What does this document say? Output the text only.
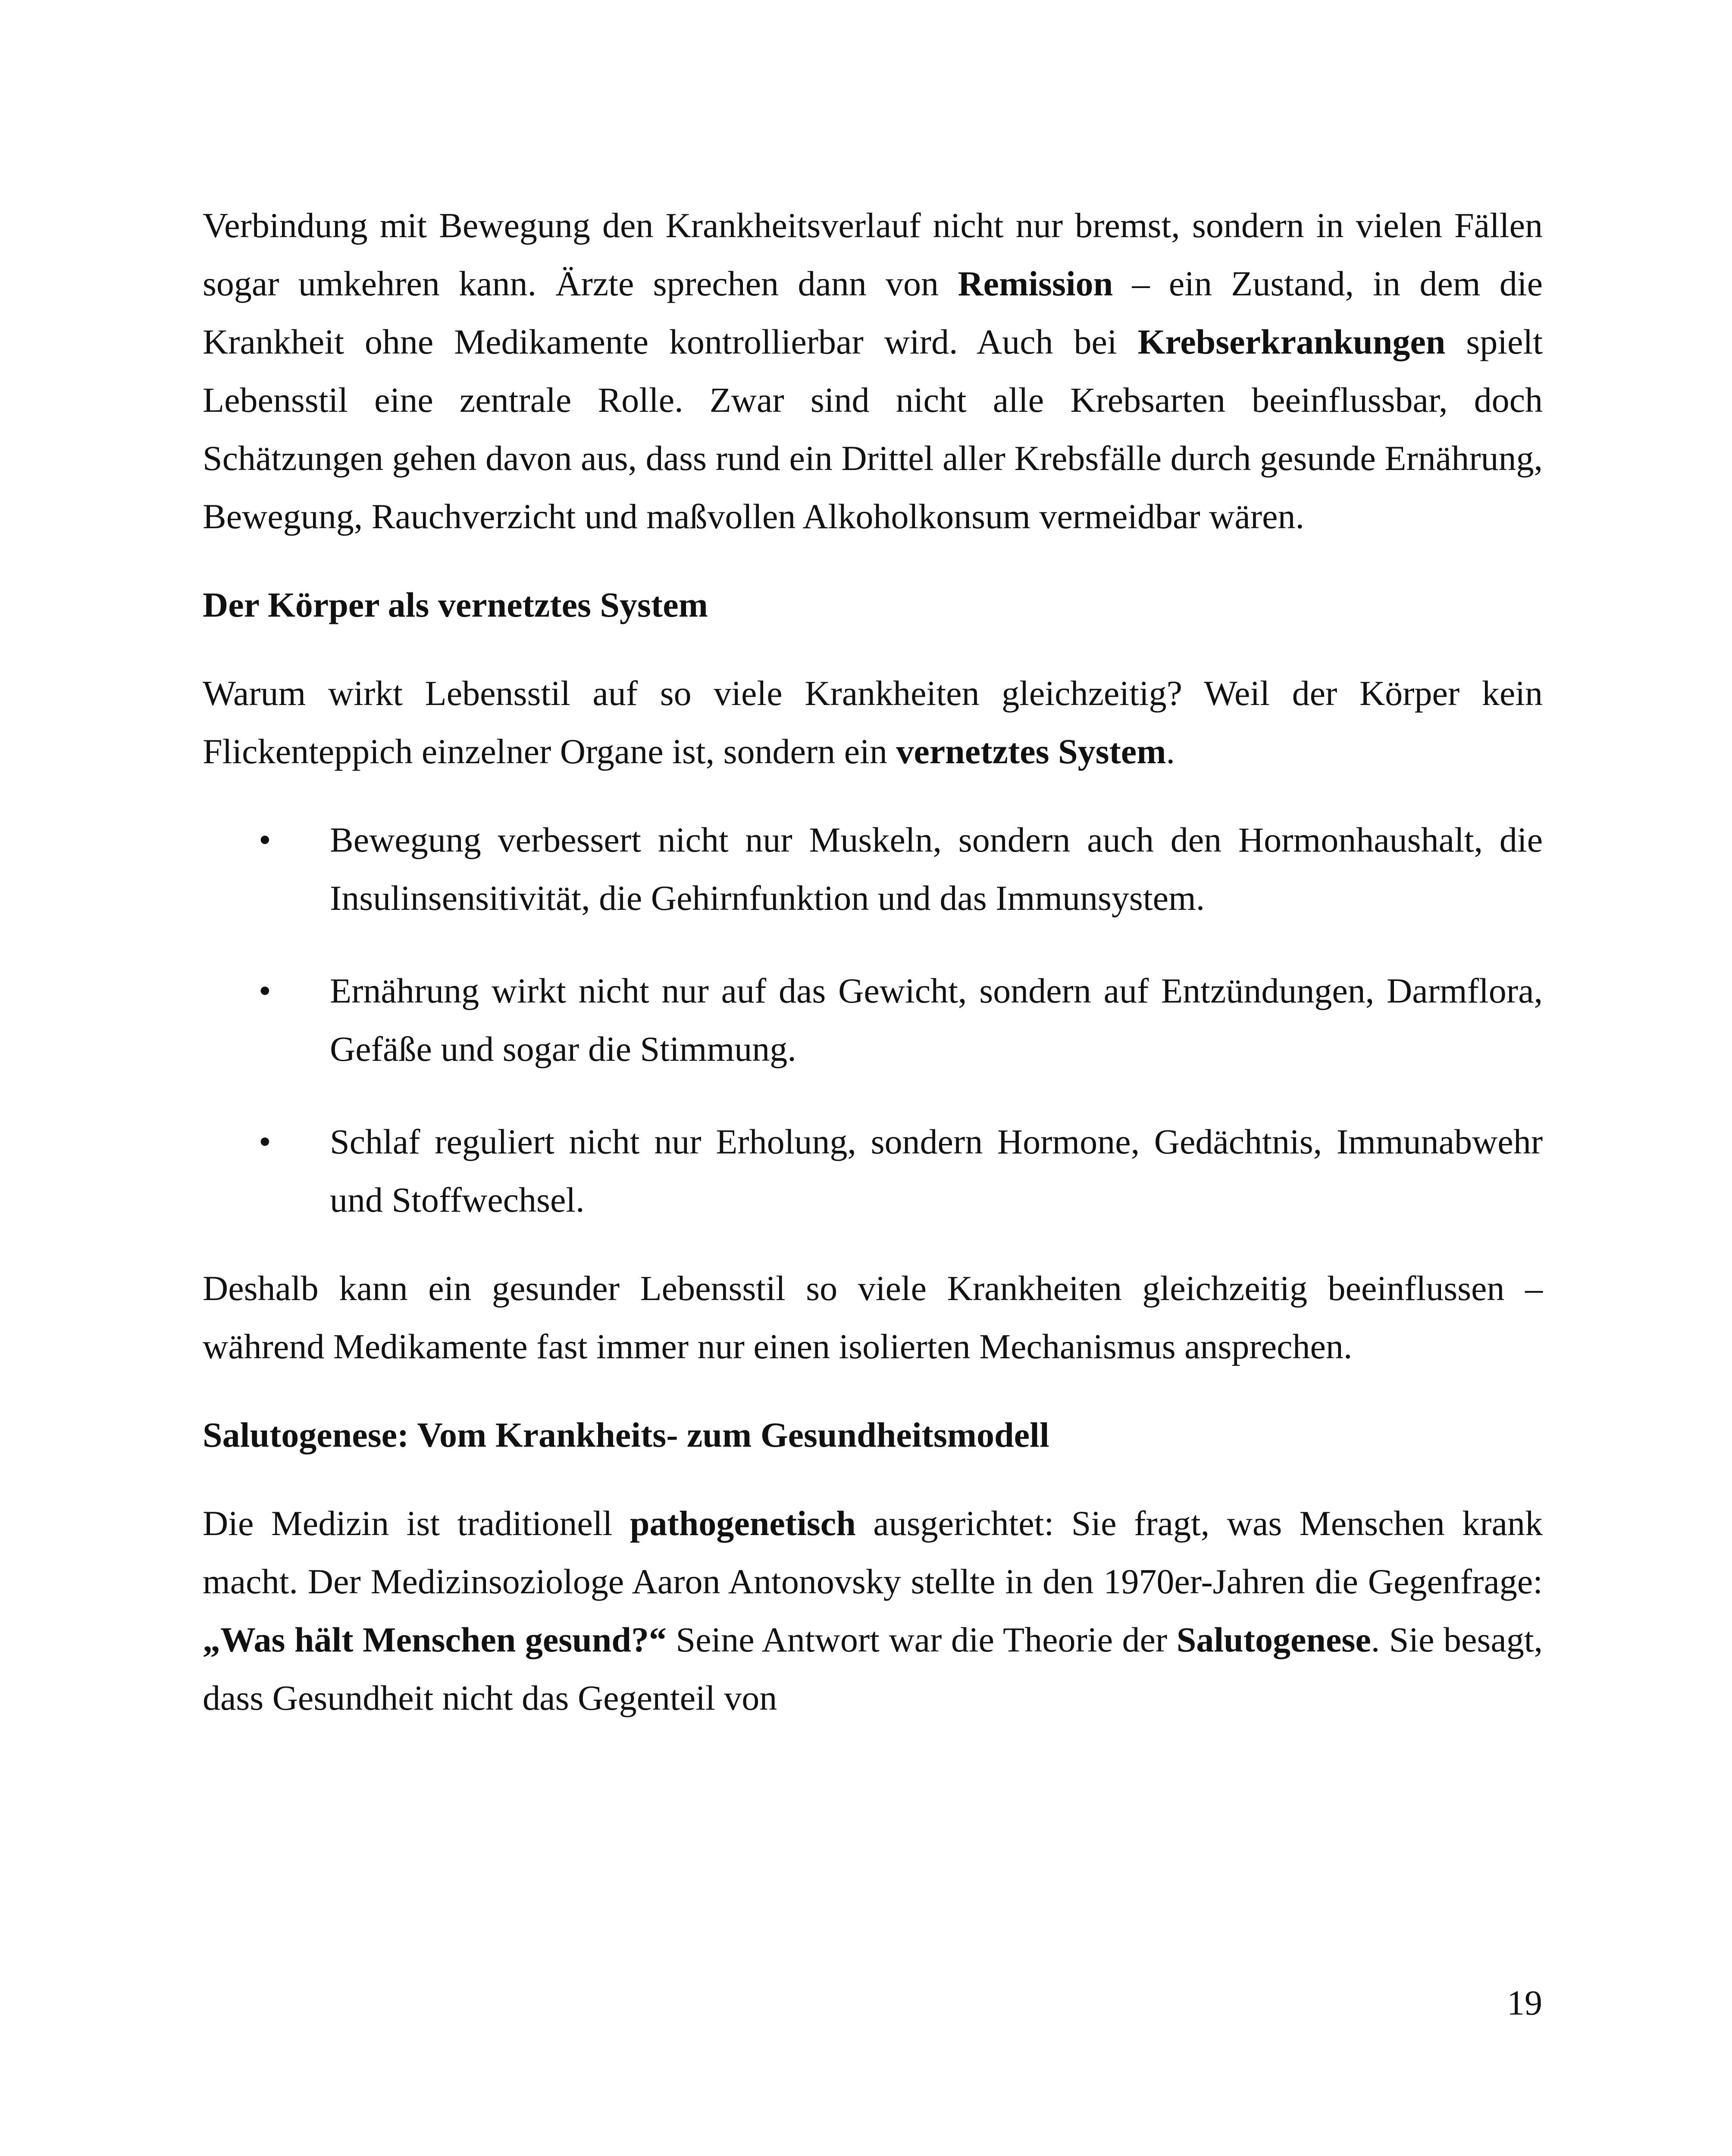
Verbindung mit Bewegung den Krankheitsverlauf nicht nur bremst, sondern in vielen Fällen sogar umkehren kann. Ärzte sprechen dann von Remission – ein Zustand, in dem die Krankheit ohne Medikamente kontrollierbar wird. Auch bei Krebserkrankungen spielt Lebensstil eine zentrale Rolle. Zwar sind nicht alle Krebsarten beeinflussbar, doch Schätzungen gehen davon aus, dass rund ein Drittel aller Krebsfälle durch gesunde Ernährung, Bewegung, Rauchverzicht und maßvollen Alkoholkonsum vermeidbar wären.

Der Körper als vernetztes System

Warum wirkt Lebensstil auf so viele Krankheiten gleichzeitig? Weil der Körper kein Flickenteppich einzelner Organe ist, sondern ein vernetztes System.

• Bewegung verbessert nicht nur Muskeln, sondern auch den Hormonhaushalt, die Insulinsensitivität, die Gehirnfunktion und das Immunsystem.
• Ernährung wirkt nicht nur auf das Gewicht, sondern auf Entzündungen, Darmflora, Gefäße und sogar die Stimmung.
• Schlaf reguliert nicht nur Erholung, sondern Hormone, Gedächtnis, Immunabwehr und Stoffwechsel.

Deshalb kann ein gesunder Lebensstil so viele Krankheiten gleichzeitig beeinflussen – während Medikamente fast immer nur einen isolierten Mechanismus ansprechen.

Salutogenese: Vom Krankheits- zum Gesundheitsmodell

Die Medizin ist traditionell pathogenetisch ausgerichtet: Sie fragt, was Menschen krank macht. Der Medizinsoziologe Aaron Antonovsky stellte in den 1970er-Jahren die Gegenfrage: „Was hält Menschen gesund?“ Seine Antwort war die Theorie der Salutogenese. Sie besagt, dass Gesundheit nicht das Gegenteil von

19
